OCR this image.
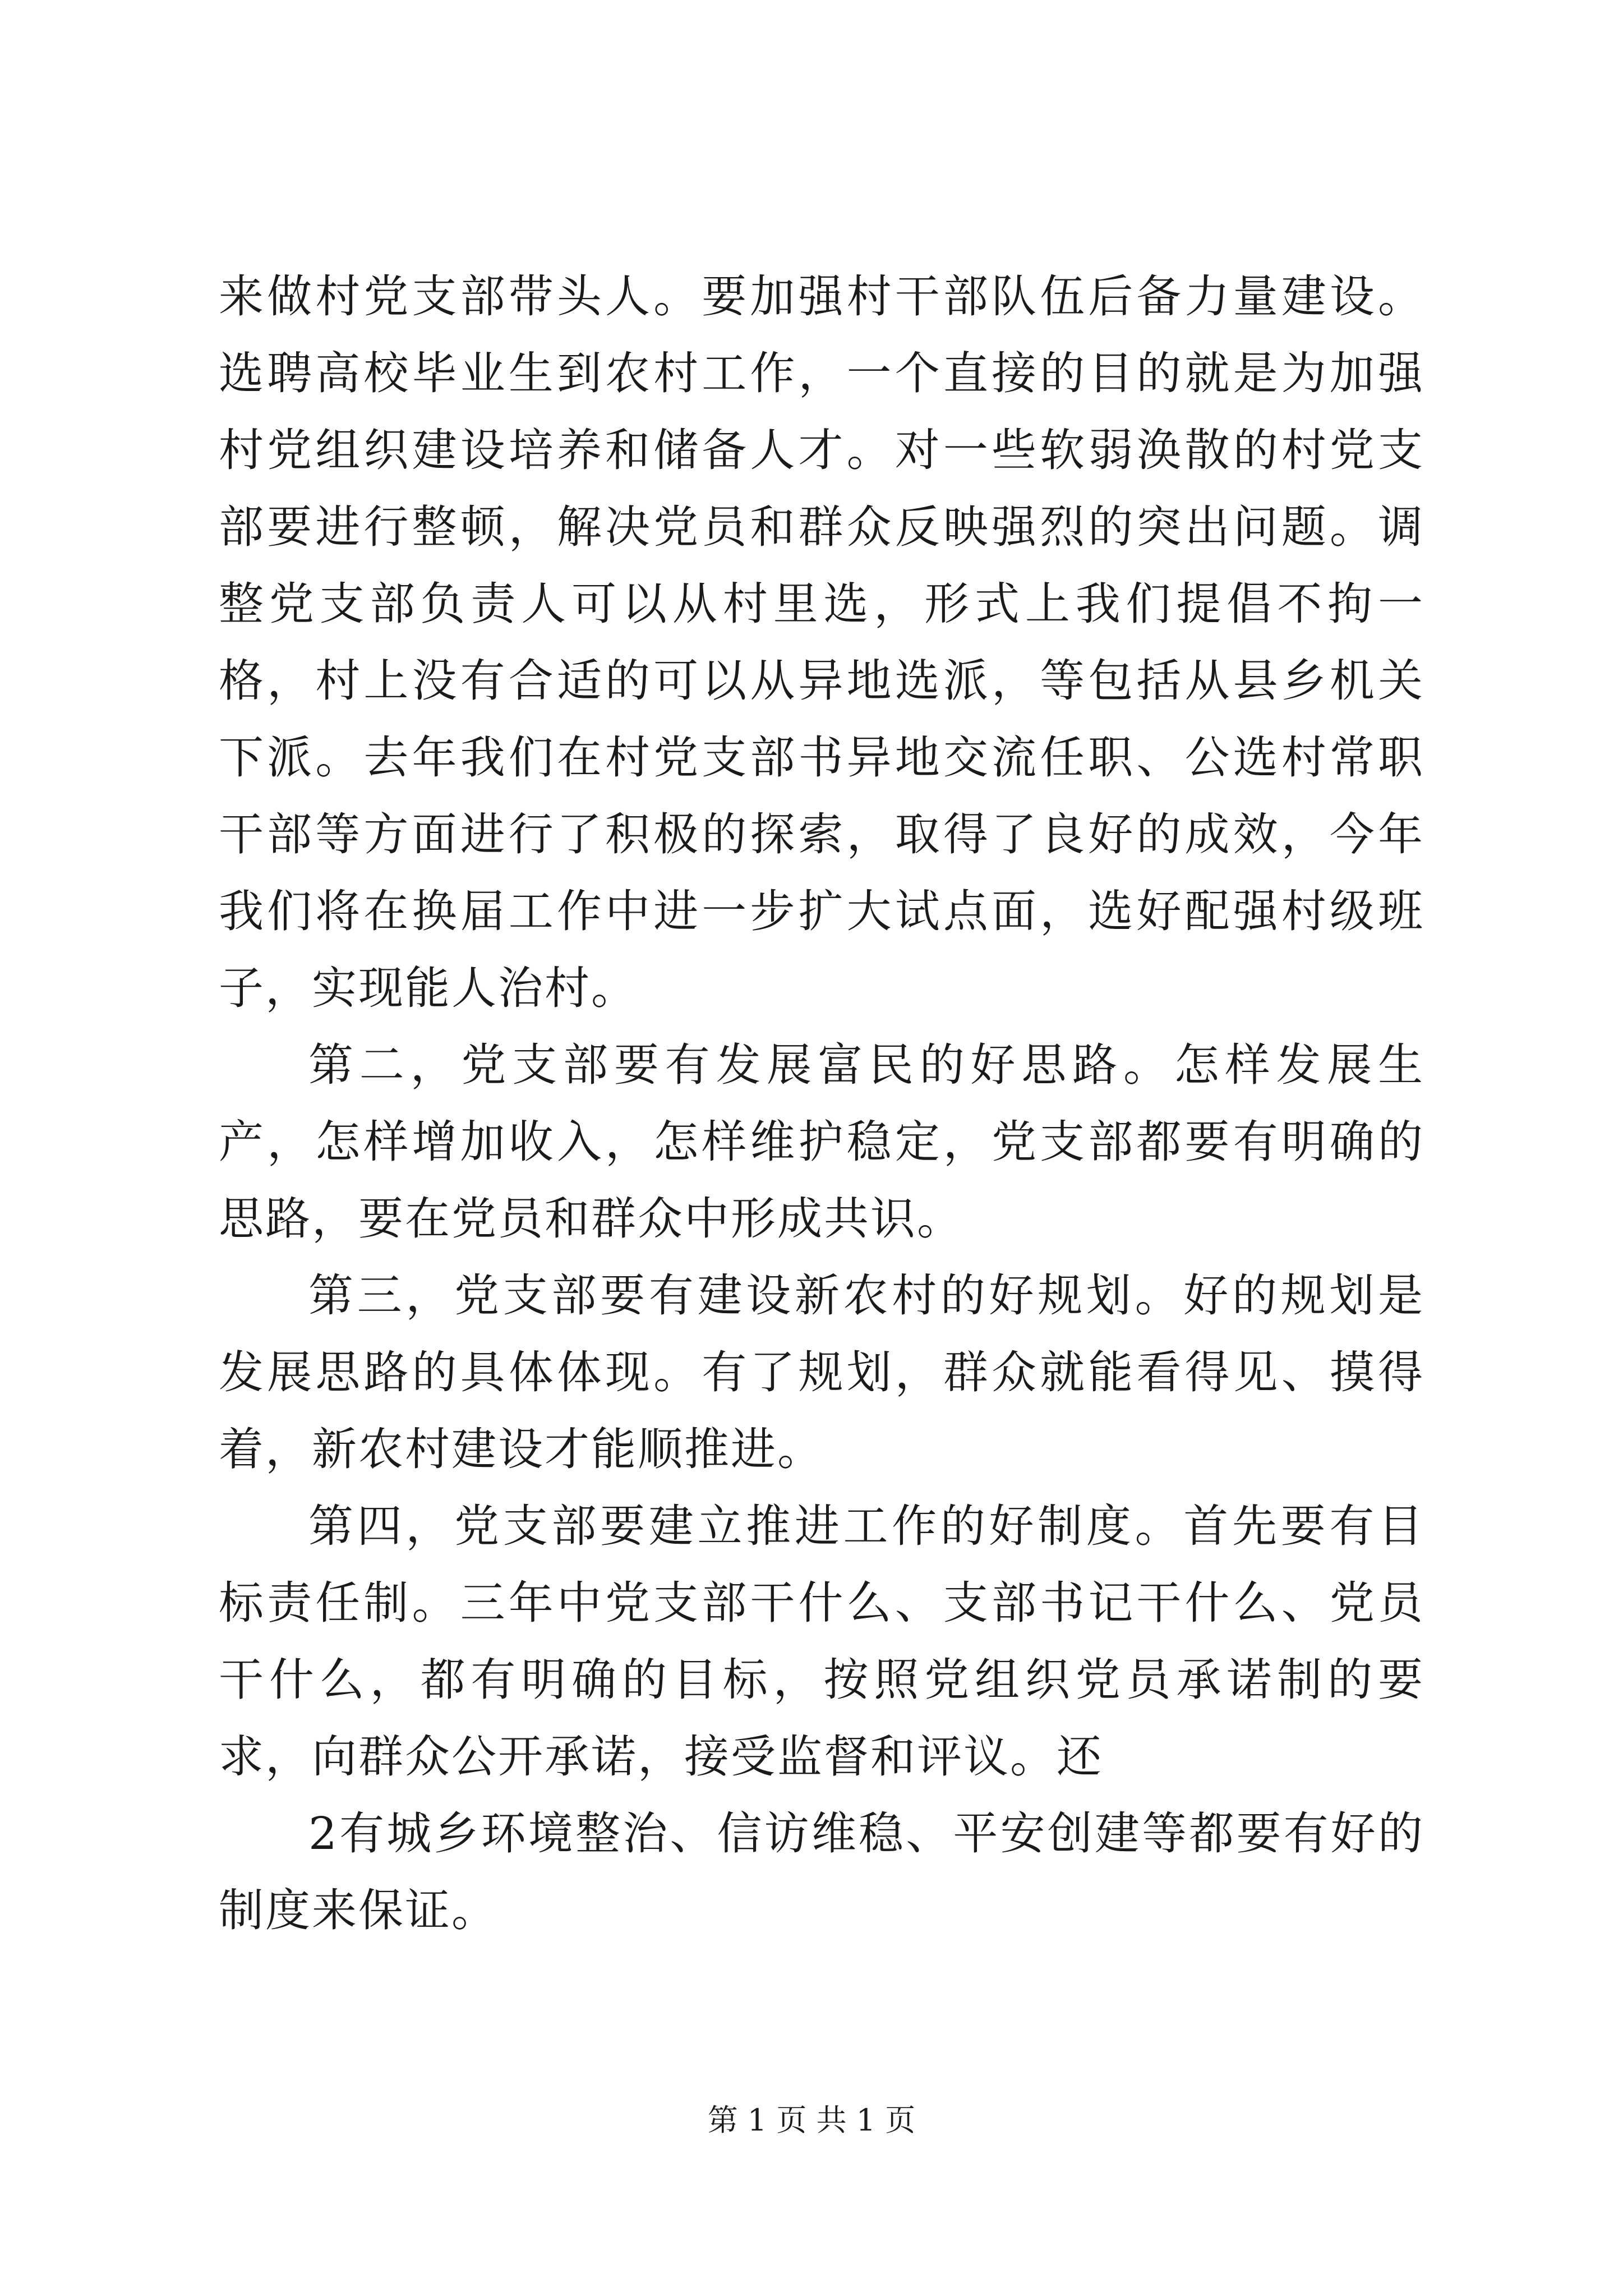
来做村党支部带头人。要加强村干部队伍后备力量建设。选聘高校毕业生到农村工作，一个直接的目的就是为加强村党组织建设培养和储备人才。对一些软弱涣散的村党支部要进行整顿，解决党员和群众反映强烈的突出问题。调整党支部负责人可以从村里选，形式上我们提倡不拘一格，村上没有合适的可以从异地选派，等包括从县乡机关下派。去年我们在村党支部书异地交流任职、公选村常职干部等方面进行了积极的探索，取得了良好的成效，今年我们将在换届工作中进一步扩大试点面，选好配强村级班子，实现能人治村。

第二，党支部要有发展富民的好思路。怎样发展生产，怎样增加收入，怎样维护稳定，党支部都要有明确的思路，要在党员和群众中形成共识。

第三，党支部要有建设新农村的好规划。好的规划是发展思路的具体体现。有了规划，群众就能看得见、摸得着，新农村建设才能顺推进。

第四，党支部要建立推进工作的好制度。首先要有目标责任制。三年中党支部干什么、支部书记干什么、党员干什么，都有明确的目标，按照党组织党员承诺制的要求，向群众公开承诺，接受监督和评议。还

2有城乡环境整治、信访维稳、平安创建等都要有好的制度来保证。

第 1 页 共 1 页
